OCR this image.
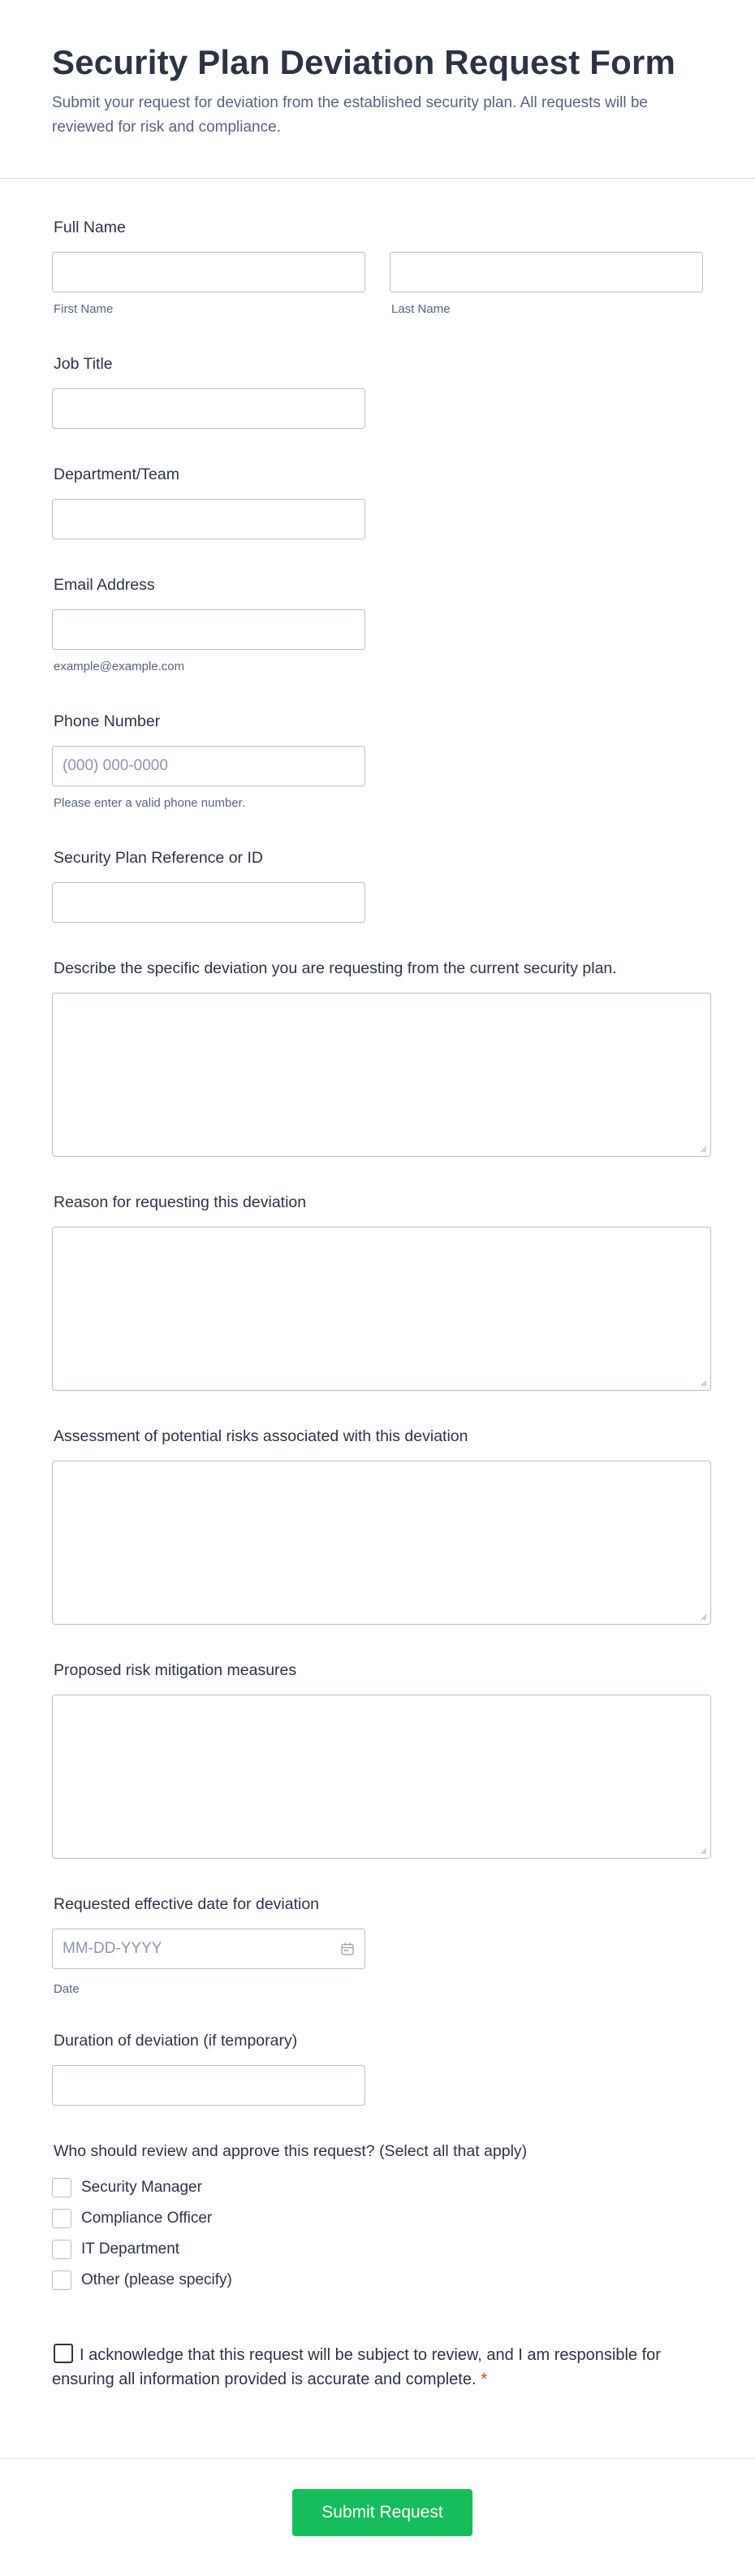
Security Plan Deviation Request Form
Submit your request for deviation from the established security plan. All requests will be reviewed for risk and compliance.
Full Name
First Name	Last Name
Job Title
Department/Team
Email Address
example@example.com
Phone Number
(000) 000-0000
Please enter a valid phone number.
Security Plan Reference or ID
Describe the specific deviation you are requesting from the current security plan.
Reason for requesting this deviation
Assessment of potential risks associated with this deviation
Proposed risk mitigation measures
Requested effective date for deviation
MM-DD-YYYY
Date
Duration of deviation (if temporary)
Who should review and approve this request? (Select all that apply)
Security Manager
Compliance Officer
IT Department
Other (please specify)
I acknowledge that this request will be subject to review, and I am responsible for ensuring all information provided is accurate and complete. *
Submit Request
